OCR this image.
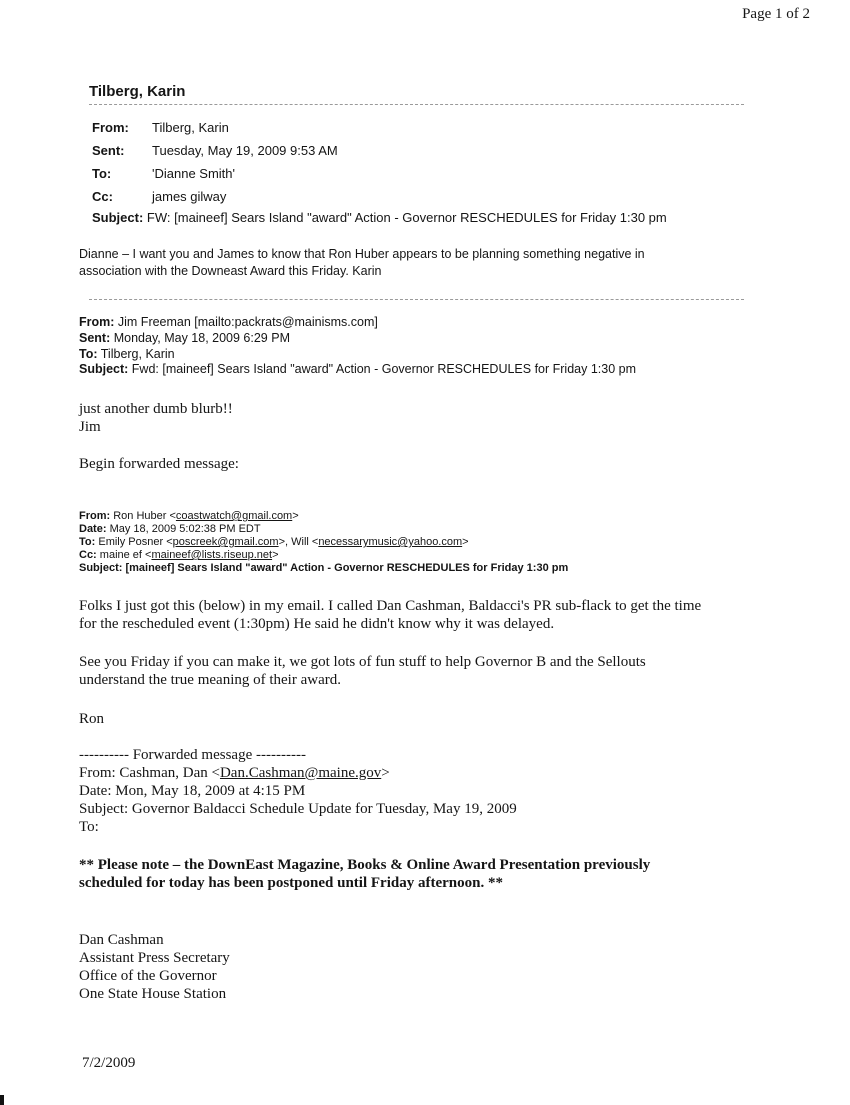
Page 1 of 2
Tilberg, Karin
From: Tilberg, Karin
Sent: Tuesday, May 19, 2009 9:53 AM
To:	'Dianne Smith'
Cc:	james gilway
Subject: FW: [maineef] Sears Island "award" Action - Governor RESCHEDULES for Friday 1:30 pm
Dianne – I want you and James to know that Ron Huber appears to be planning something negative in
association with the Downeast Award this Friday. Karin
From: Jim Freeman [mailto:packrats@mainisms.com]
Sent: Monday, May 18, 2009 6:29 PM
To: Tilberg, Karin
Subject: Fwd: [maineef] Sears Island "award" Action - Governor RESCHEDULES for Friday 1:30 pm
just another dumb blurb!!
Jim
Begin forwarded message:
From: Ron Huber <coastwatch@gmail.com>
Date: May 18, 2009 5:02:38 PM EDT
To: Emily Posner <poscreek@gmail.com>, Will <necessarymusic@yahoo.com>
Cc: maine ef <maineef@lists.riseup.net>
Subject: [maineef] Sears Island "award" Action - Governor RESCHEDULES for Friday 1:30 pm
Folks I just got this (below) in my email. I called Dan Cashman, Baldacci's PR sub-flack to get the time
for the rescheduled event (1:30pm) He said he didn't know why it was delayed.
See you Friday if you can make it, we got lots of fun stuff to help Governor B and the Sellouts
understand the true meaning of their award.
Ron
---------- Forwarded message ----------
From: Cashman, Dan <Dan.Cashman@maine.gov>
Date: Mon, May 18, 2009 at 4:15 PM
Subject: Governor Baldacci Schedule Update for Tuesday, May 19, 2009
To:
** Please note – the DownEast Magazine, Books & Online Award Presentation previously
scheduled for today has been postponed until Friday afternoon. **
Dan Cashman
Assistant Press Secretary
Office of the Governor
One State House Station
7/2/2009
